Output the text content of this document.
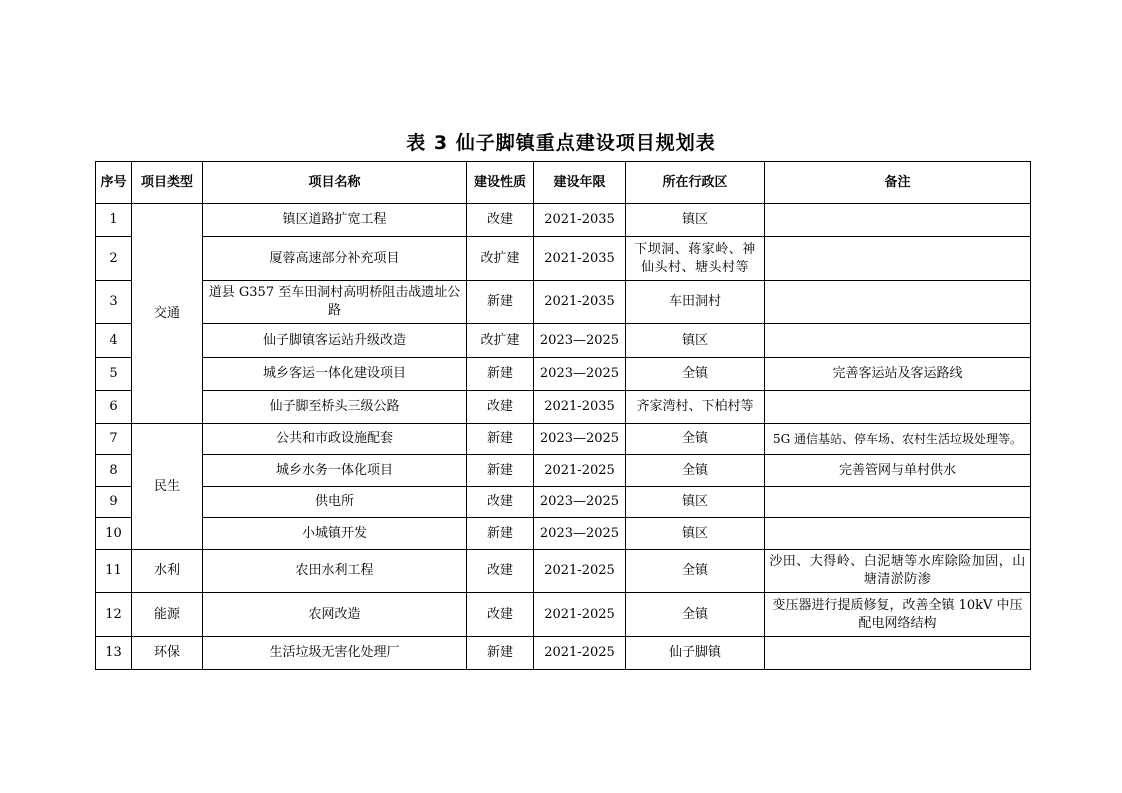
表 3 仙子脚镇重点建设项目规划表
序号	项目类型	项目名称	建设性质	建设年限	所在行政区	备注
1	交通	镇区道路扩宽工程	改建	2021-2035	镇区	
2		厦蓉高速部分补充项目	改扩建	2021-2035	下坝洞、蒋家岭、神仙头村、塘头村等	
3		道县 G357 至车田洞村高明桥阻击战遗址公路	新建	2021-2035	车田洞村	
4		仙子脚镇客运站升级改造	改扩建	2023—2025	镇区	
5		城乡客运一体化建设项目	新建	2023—2025	全镇	完善客运站及客运路线
6		仙子脚至桥头三级公路	改建	2021-2035	齐家湾村、下柏村等	
7	民生	公共和市政设施配套	新建	2023—2025	全镇	5G 通信基站、停车场、农村生活垃圾处理等。
8		城乡水务一体化项目	新建	2021-2025	全镇	完善管网与单村供水
9		供电所	改建	2023—2025	镇区	
10		小城镇开发	新建	2023—2025	镇区	
11	水利	农田水利工程	改建	2021-2025	全镇	沙田、大得岭、白泥塘等水库除险加固，山塘清淤防渗
12	能源	农网改造	改建	2021-2025	全镇	变压器进行提质修复，改善全镇 10kV 中压配电网络结构
13	环保	生活垃圾无害化处理厂	新建	2021-2025	仙子脚镇	
